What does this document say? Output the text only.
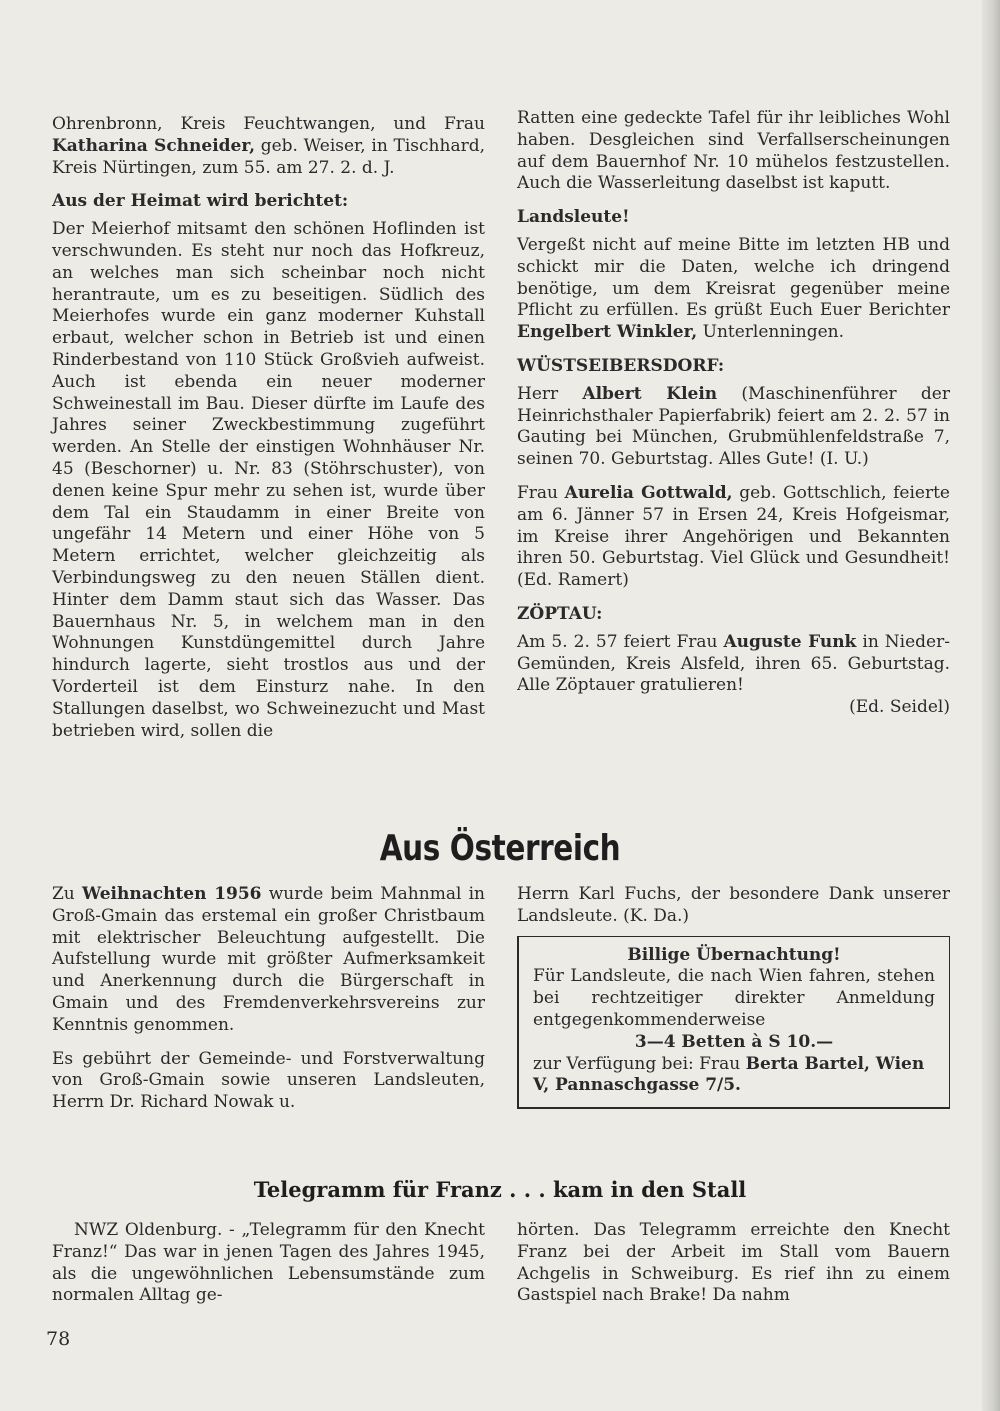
Ohrenbronn, Kreis Feuchtwangen, und Frau Katharina Schneider, geb. Weiser, in Tischhard, Kreis Nürtingen, zum 55. am 27. 2. d. J.

Aus der Heimat wird berichtet:

Der Meierhof mitsamt den schönen Hoflinden ist verschwunden. Es steht nur noch das Hofkreuz, an welches man sich scheinbar noch nicht herantraute, um es zu beseitigen. Südlich des Meierhofes wurde ein ganz moderner Kuhstall erbaut, welcher schon in Betrieb ist und einen Rinderbestand von 110 Stück Großvieh aufweist. Auch ist ebenda ein neuer moderner Schweinestall im Bau. Dieser dürfte im Laufe des Jahres seiner Zweckbestimmung zugeführt werden. An Stelle der einstigen Wohnhäuser Nr. 45 (Beschorner) u. Nr. 83 (Stöhrschuster), von denen keine Spur mehr zu sehen ist, wurde über dem Tal ein Staudamm in einer Breite von ungefähr 14 Metern und einer Höhe von 5 Metern errichtet, welcher gleichzeitig als Verbindungsweg zu den neuen Ställen dient. Hinter dem Damm staut sich das Wasser. Das Bauernhaus Nr. 5, in welchem man in den Wohnungen Kunstdüngemittel durch Jahre hindurch lagerte, sieht trostlos aus und der Vorderteil ist dem Einsturz nahe. In den Stallungen daselbst, wo Schweinezucht und Mast betrieben wird, sollen die

Ratten eine gedeckte Tafel für ihr leibliches Wohl haben. Desgleichen sind Verfallserscheinungen auf dem Bauernhof Nr. 10 mühelos festzustellen. Auch die Wasserleitung daselbst ist kaputt.

Landsleute!

Vergeßt nicht auf meine Bitte im letzten HB und schickt mir die Daten, welche ich dringend benötige, um dem Kreisrat gegenüber meine Pflicht zu erfüllen. Es grüßt Euch Euer Berichter Engelbert Winkler, Unterlenningen.

WÜSTSEIBERSDORF:

Herr Albert Klein (Maschinenführer der Heinrichsthaler Papierfabrik) feiert am 2. 2. 57 in Gauting bei München, Grubmühlenfeldstraße 7, seinen 70. Geburtstag. Alles Gute! (I. U.)

Frau Aurelia Gottwald, geb. Gottschlich, feierte am 6. Jänner 57 in Ersen 24, Kreis Hofgeismar, im Kreise ihrer Angehörigen und Bekannten ihren 50. Geburtstag. Viel Glück und Gesundheit! (Ed. Ramert)

ZÖPTAU:

Am 5. 2. 57 feiert Frau Auguste Funk in Nieder-Gemünden, Kreis Alsfeld, ihren 65. Geburtstag. Alle Zöptauer gratulieren!

(Ed. Seidel)

Aus Österreich

Zu Weihnachten 1956 wurde beim Mahnmal in Groß-Gmain das erstemal ein großer Christbaum mit elektrischer Beleuchtung aufgestellt. Die Aufstellung wurde mit größter Aufmerksamkeit und Anerkennung durch die Bürgerschaft in Gmain und des Fremdenverkehrsvereins zur Kenntnis genommen.

Es gebührt der Gemeinde- und Forstverwaltung von Groß-Gmain sowie unseren Landsleuten, Herrn Dr. Richard Nowak u.

Herrn Karl Fuchs, der besondere Dank unserer Landsleute. (K. Da.)

Billige Übernachtung!

Für Landsleute, die nach Wien fahren, stehen bei rechtzeitiger direkter Anmeldung entgegenkommenderweise

3—4 Betten à S 10.—

zur Verfügung bei: Frau Berta Bartel, Wien V, Pannaschgasse 7/5.

Telegramm für Franz . . . kam in den Stall

NWZ Oldenburg. - „Telegramm für den Knecht Franz!“ Das war in jenen Tagen des Jahres 1945, als die ungewöhnlichen Lebensumstände zum normalen Alltag ge-

hörten. Das Telegramm erreichte den Knecht Franz bei der Arbeit im Stall vom Bauern Achgelis in Schweiburg. Es rief ihn zu einem Gastspiel nach Brake! Da nahm

78
